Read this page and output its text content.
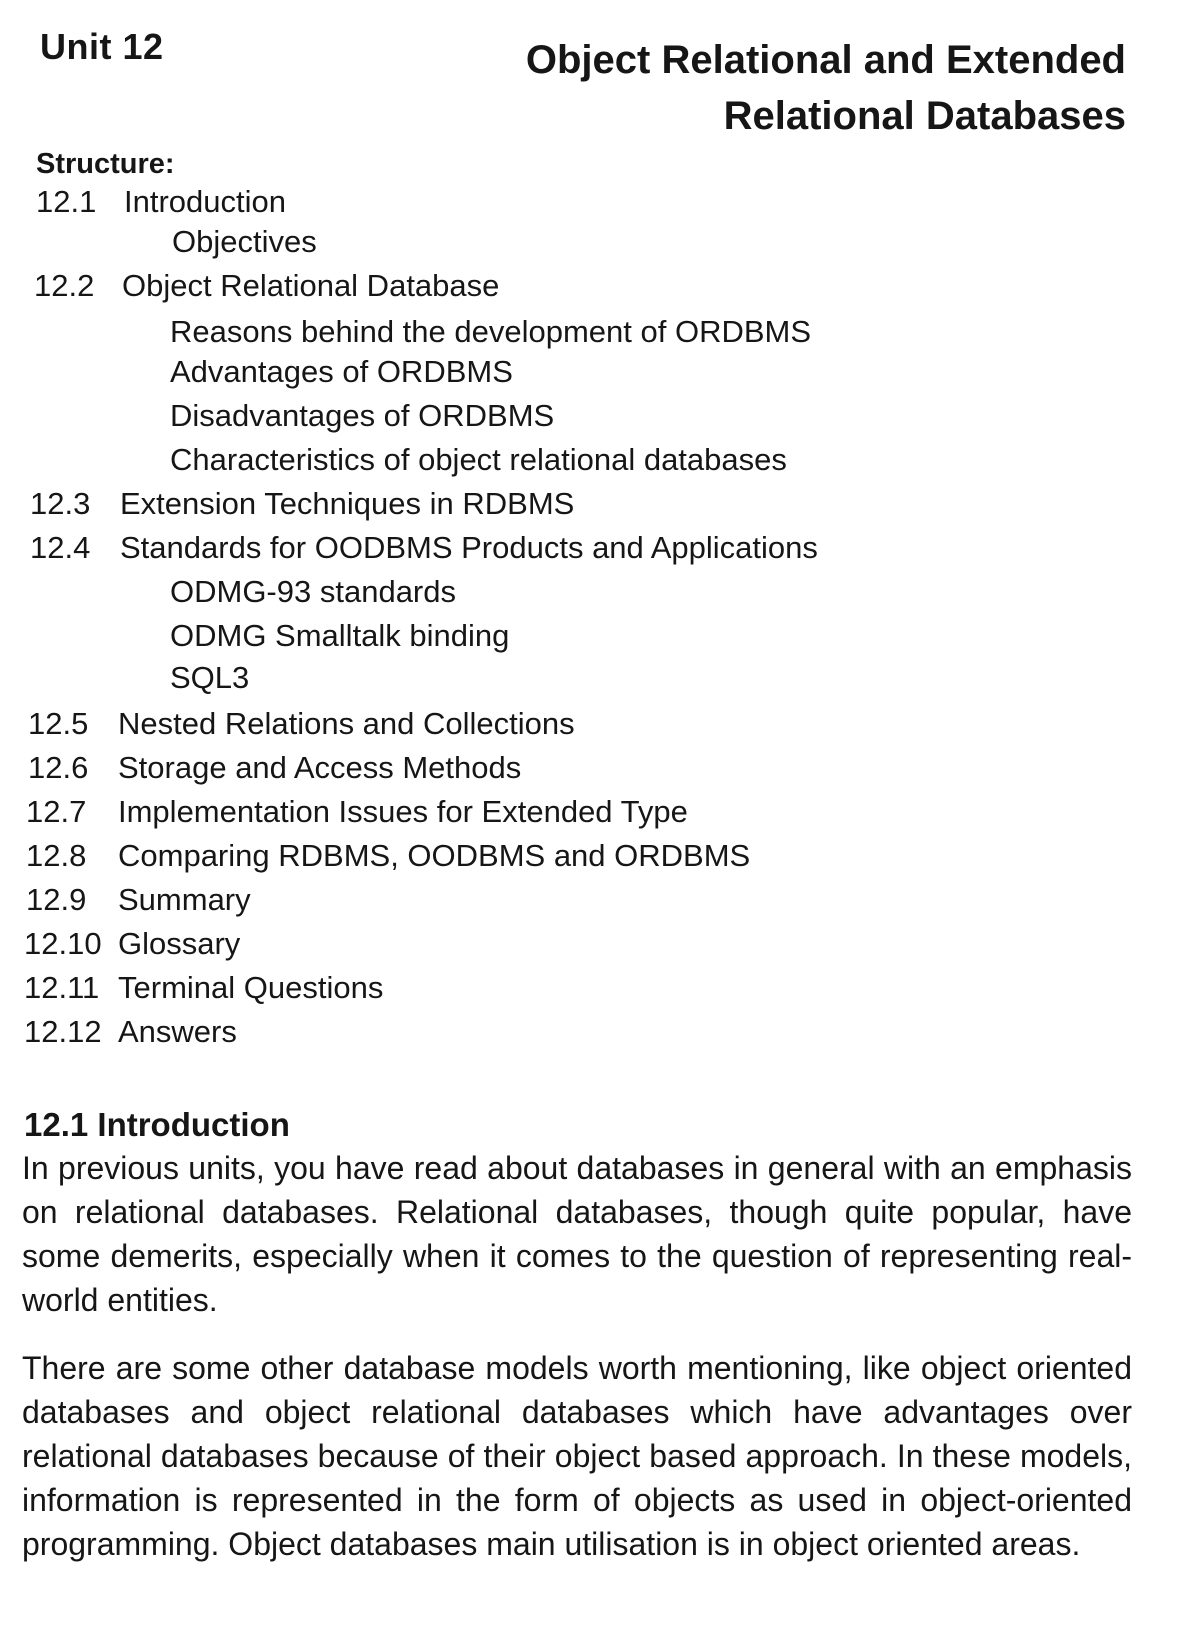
Unit 12	Object Relational and Extended
Relational Databases
Structure:
12.1 Introduction
Objectives
12.2 Object Relational Database
Reasons behind the development of ORDBMS
Advantages of ORDBMS
Disadvantages of ORDBMS
Characteristics of object relational databases
12.3 Extension Techniques in RDBMS
12.4 Standards for OODBMS Products and Applications
ODMG-93 standards
ODMG Smalltalk binding
SQL3
12.5 Nested Relations and Collections
12.6 Storage and Access Methods
12.7 Implementation Issues for Extended Type
12.8 Comparing RDBMS, OODBMS and ORDBMS
12.9 Summary
12.10 Glossary
12.11 Terminal Questions
12.12 Answers
12.1 Introduction

In previous units, you have read about databases in general with an emphasis on relational databases. Relational databases, though quite popular, have some demerits, especially when it comes to the question of representing real-world entities.

There are some other database models worth mentioning, like object oriented databases and object relational databases which have advantages over relational databases because of their object based approach. In these models, information is represented in the form of objects as used in object-oriented programming. Object databases main utilisation is in object oriented areas.
